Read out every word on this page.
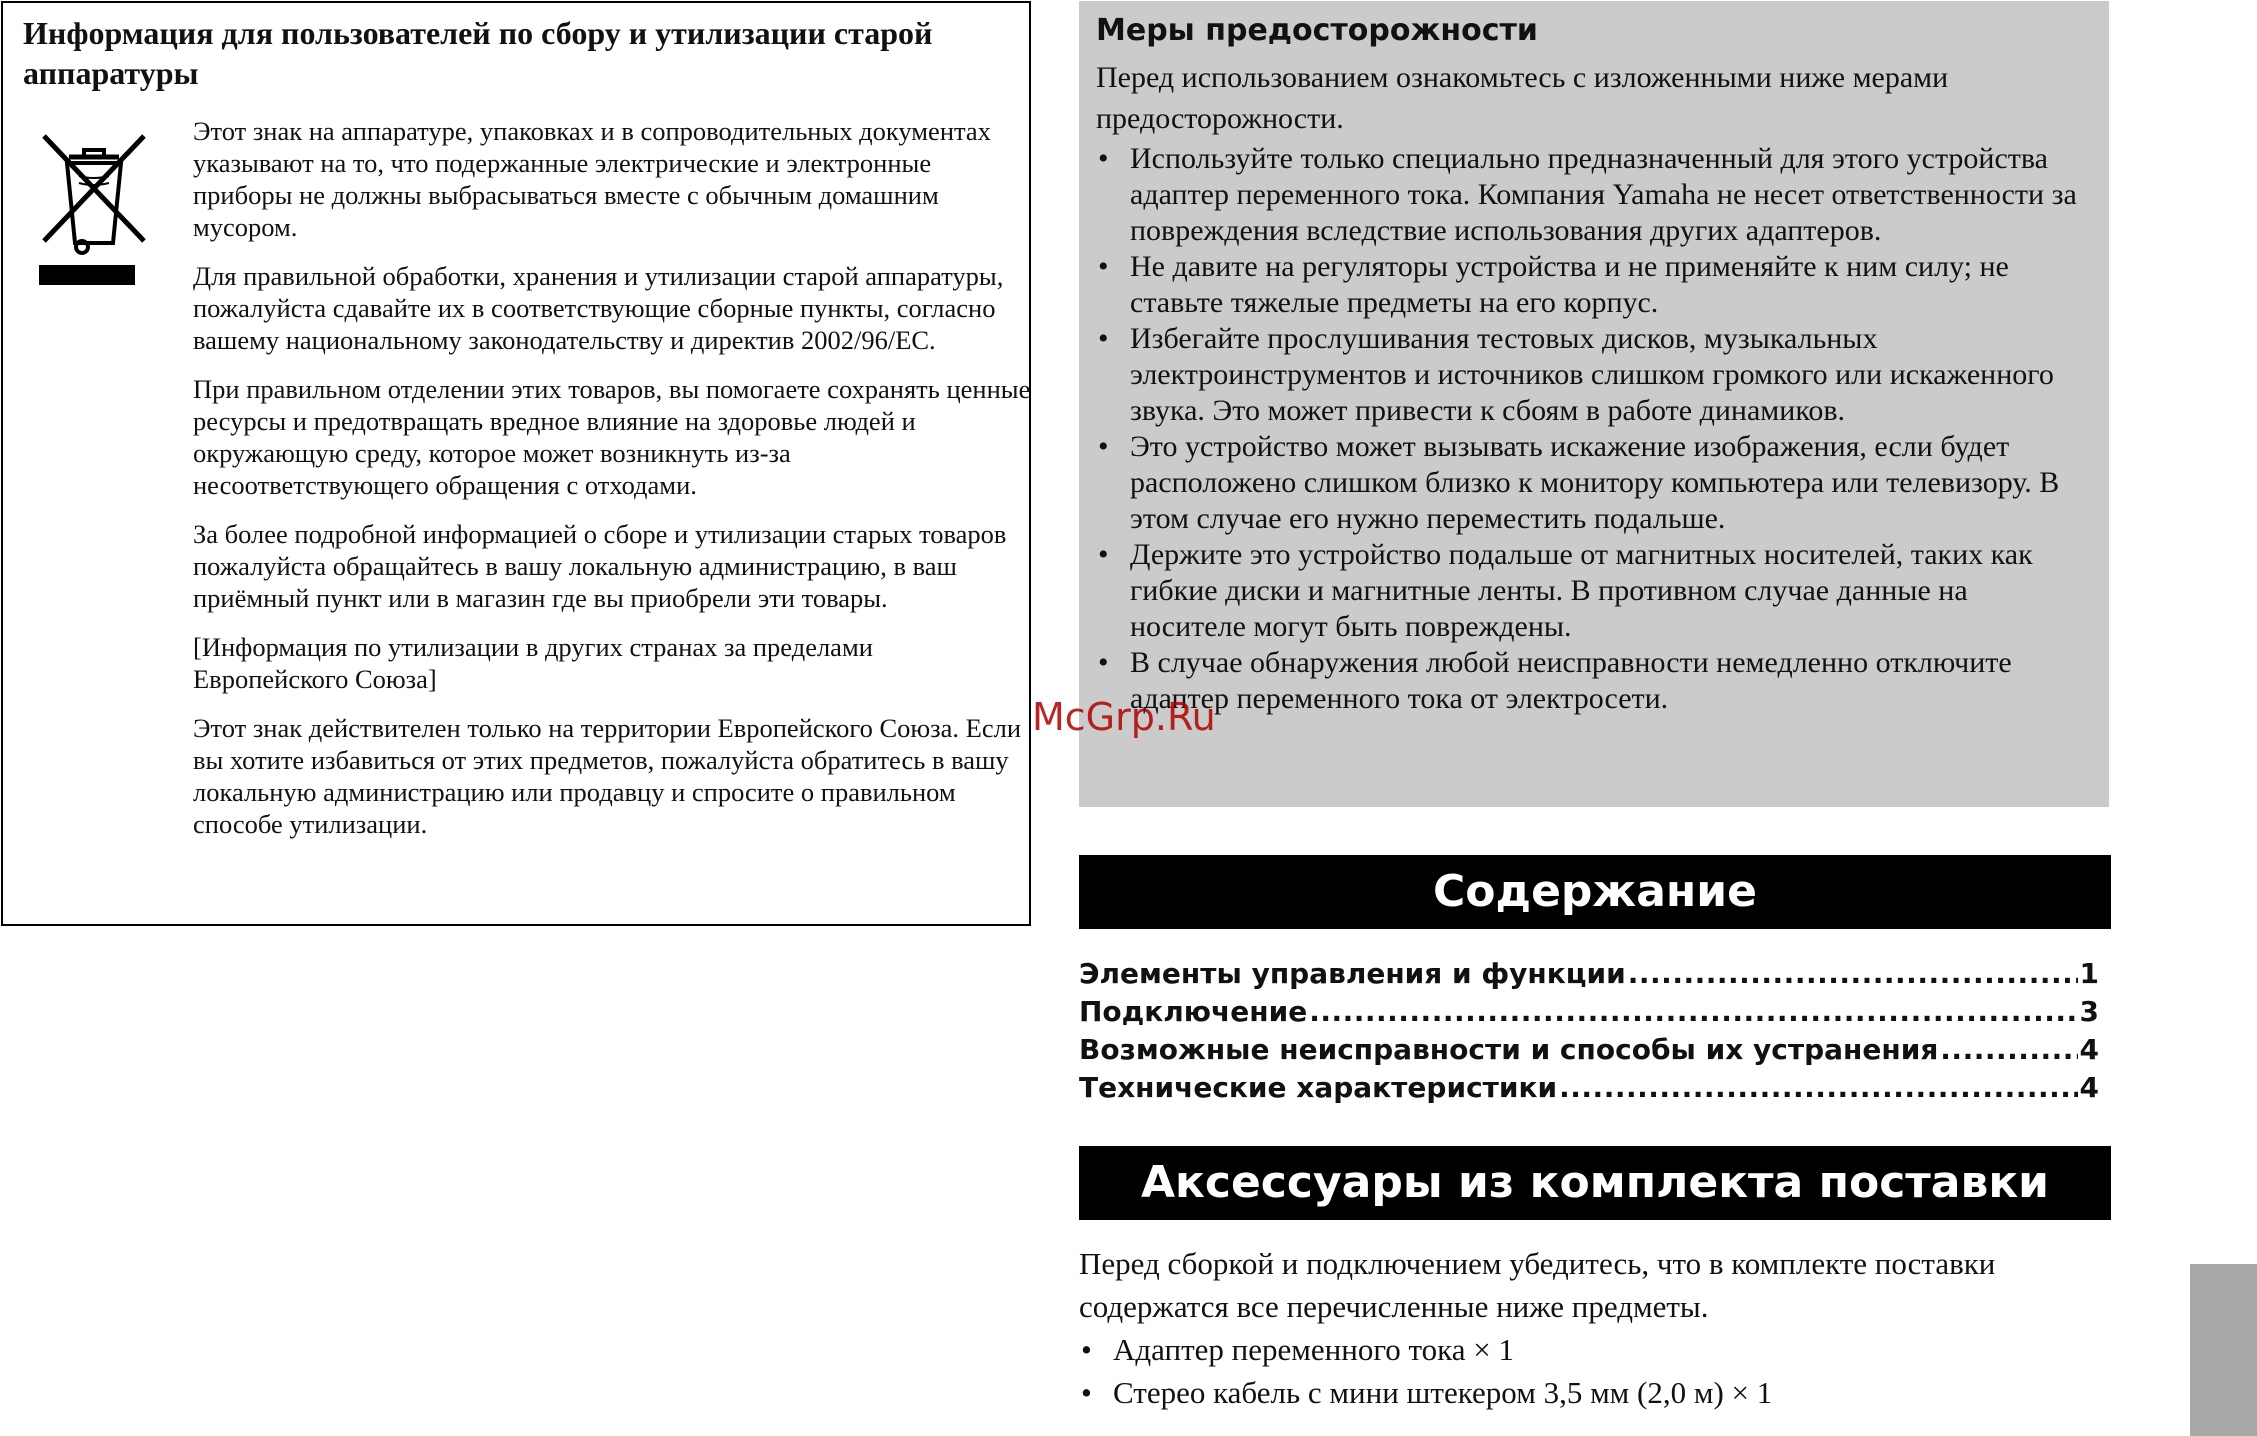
Информация для пользователей по сбору и утилизации старой аппаратуры

Этот знак на аппаратуре, упаковках и в сопроводительных документах указывают на то, что подержанные электрические и электронные приборы не должны выбрасываться вместе с обычным домашним мусором.

Для правильной обработки, хранения и утилизации старой аппаратуры, пожалуйста сдавайте их в соответствующие сборные пункты, согласно вашему национальному законодательству и директив 2002/96/EC.

При правильном отделении этих товаров, вы помогаете сохранять ценные ресурсы и предотвращать вредное влияние на здоровье людей и окружающую среду, которое может возникнуть из-за несоответствующего обращения с отходами.

За более подробной информацией о сборе и утилизации старых товаров пожалуйста обращайтесь в вашу локальную администрацию, в ваш приёмный пункт или в магазин где вы приобрели эти товары.

[Информация по утилизации в других странах за пределами Европейского Союза]

Этот знак действителен только на территории Европейского Союза. Если вы хотите избавиться от этих предметов, пожалуйста обратитесь в вашу локальную администрацию или продавцу и спросите о правильном способе утилизации.

Меры предосторожности

Перед использованием ознакомьтесь с изложенными ниже мерами предосторожности.

• Используйте только специально предназначенный для этого устройства адаптер переменного тока. Компания Yamaha не несет ответственности за повреждения вследствие использования других адаптеров.
• Не давите на регуляторы устройства и не применяйте к ним силу; не ставьте тяжелые предметы на его корпус.
• Избегайте прослушивания тестовых дисков, музыкальных электроинструментов и источников слишком громкого или искаженного звука. Это может привести к сбоям в работе динамиков.
• Это устройство может вызывать искажение изображения, если будет расположено слишком близко к монитору компьютера или телевизору. В этом случае его нужно переместить подальше.
• Держите это устройство подальше от магнитных носителей, таких как гибкие диски и магнитные ленты. В противном случае данные на носителе могут быть повреждены.
• В случае обнаружения любой неисправности немедленно отключите адаптер переменного тока от электросети.
McGrp.Ru
Содержание
Элементы управления и функции .....	1
Подключение .....	3
Возможные неисправности и способы их устранения .....	4
Технические характеристики .....	4
Аксессуары из комплекта поставки

Перед сборкой и подключением убедитесь, что в комплекте поставки содержатся все перечисленные ниже предметы.

• Адаптер переменного тока × 1
• Стерео кабель с мини штекером 3,5 мм (2,0 м) × 1
